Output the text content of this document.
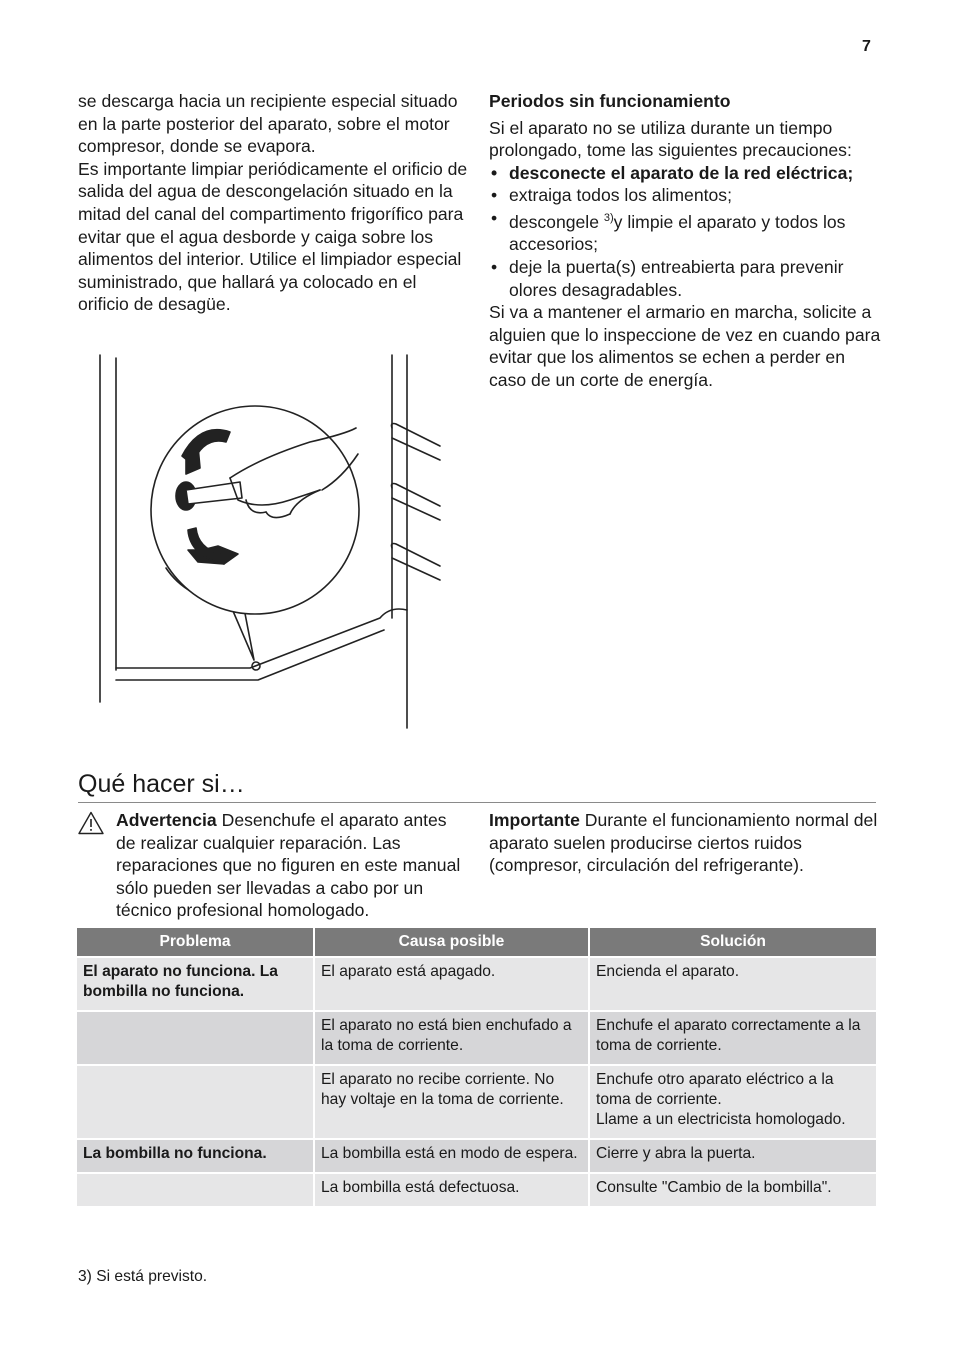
7

se descarga hacia un recipiente especial situado en la parte posterior del aparato, sobre el motor compresor, donde se evapora.

Es importante limpiar periódicamente el orificio de salida del agua de descongelación situado en la mitad del canal del compartimento frigorífico para evitar que el agua desborde y caiga sobre los alimentos del interior. Utilice el limpiador especial suministrado, que hallará ya colocado en el orificio de desagüe.

Periodos sin funcionamiento

Si el aparato no se utiliza durante un tiempo prolongado, tome las siguientes precauciones:

• desconecte el aparato de la red eléctrica;
• extraiga todos los alimentos;
• descongele $^{3)}$y limpie el aparato y todos los accesorios;
• deje la puerta(s) entreabierta para prevenir olores desagradables.

Si va a mantener el armario en marcha, solicite a alguien que lo inspeccione de vez en cuando para evitar que los alimentos se echen a perder en caso de un corte de energía.

Qué hacer si…
Advertencia Desenchufe el aparato antes de realizar cualquier reparación. Las reparaciones que no figuren en este manual sólo pueden ser llevadas a cabo por un técnico profesional homologado.
Importante Durante el funcionamiento normal del aparato suelen producirse ciertos ruidos (compresor, circulación del refrigerante).
Problema	Causa posible	Solución
El aparato no funciona. La bombilla no funciona.	El aparato está apagado.	Encienda el aparato.
	El aparato no está bien enchufado a la toma de corriente.	Enchufe el aparato correctamente a la toma de corriente.
	El aparato no recibe corriente. No hay voltaje en la toma de corriente.	Enchufe otro aparato eléctrico a la toma de corriente.
Llame a un electricista homologado.
La bombilla no funciona.	La bombilla está en modo de espera.	Cierre y abra la puerta.
	La bombilla está defectuosa.	Consulte "Cambio de la bombilla".
3) Si está previsto.
